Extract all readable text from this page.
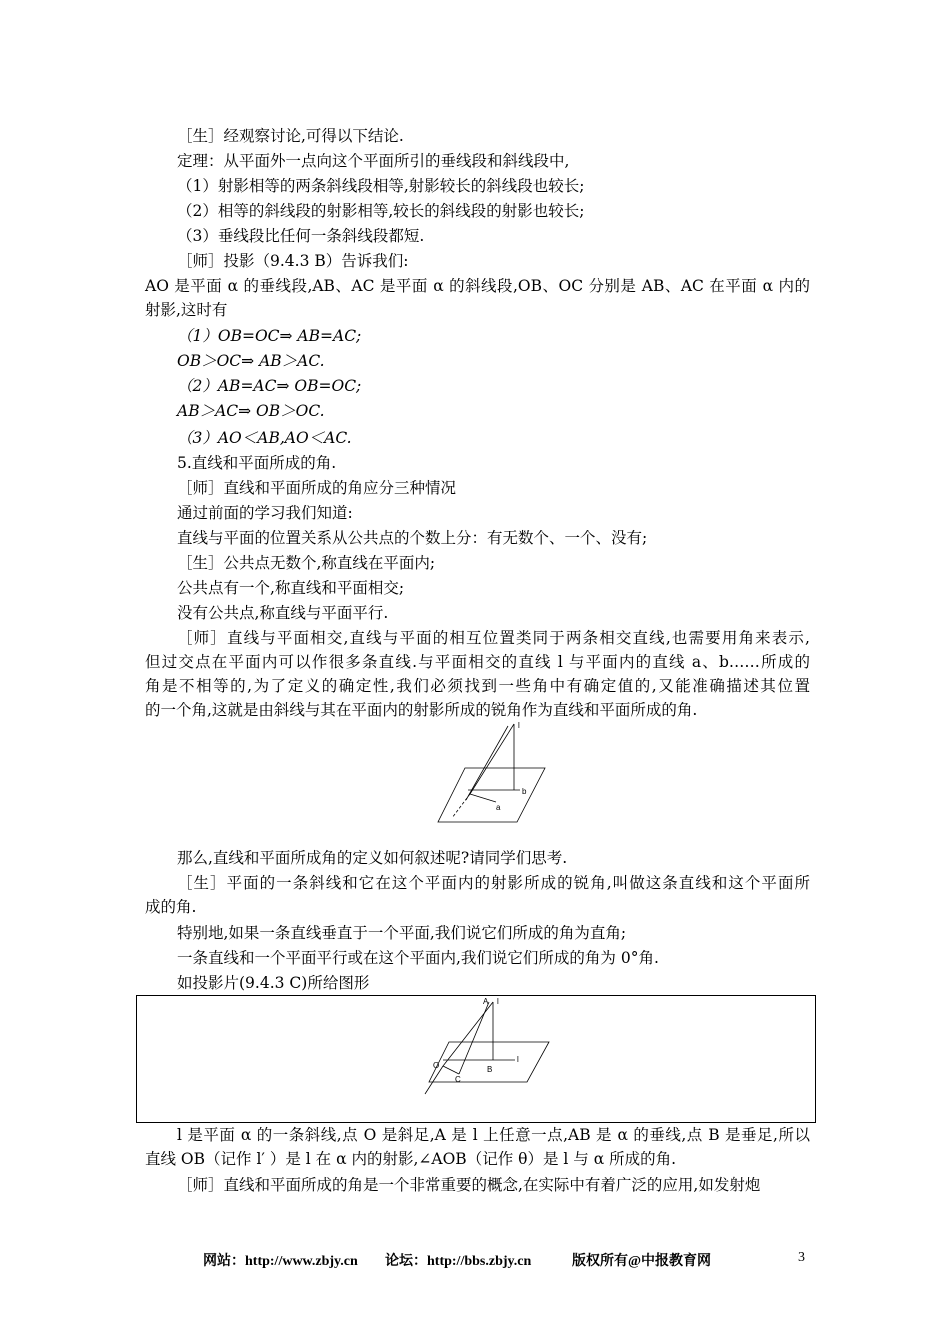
［生］经观察讨论,可得以下结论.
定理：从平面外一点向这个平面所引的垂线段和斜线段中,
（1）射影相等的两条斜线段相等,射影较长的斜线段也较长;
（2）相等的斜线段的射影相等,较长的斜线段的射影也较长;
（3）垂线段比任何一条斜线段都短.
［师］投影（9.4.3 B）告诉我们:
AO 是平面 α 的垂线段,AB、AC 是平面 α 的斜线段,OB、OC 分别是 AB、AC 在平面 α 内的
射影,这时有
（1）OB=OC⇒ AB=AC;
OB＞OC⇒ AB＞AC.
（2）AB=AC⇒ OB=OC;
AB＞AC⇒ OB＞OC.
（3）AO＜AB,AO＜AC.
5.直线和平面所成的角.
［师］直线和平面所成的角应分三种情况
通过前面的学习我们知道:
直线与平面的位置关系从公共点的个数上分：有无数个、一个、没有;
［生］公共点无数个,称直线在平面内;
公共点有一个,称直线和平面相交;
没有公共点,称直线与平面平行.
［师］直线与平面相交,直线与平面的相互位置类同于两条相交直线,也需要用角来表示,
但过交点在平面内可以作很多条直线.与平面相交的直线 l 与平面内的直线 a、b……所成的
角是不相等的,为了定义的确定性,我们必须找到一些角中有确定值的,又能准确描述其位置
的一个角,这就是由斜线与其在平面内的射影所成的锐角作为直线和平面所成的角.
l
b
a
那么,直线和平面所成角的定义如何叙述呢?请同学们思考.
［生］平面的一条斜线和它在这个平面内的射影所成的锐角,叫做这条直线和这个平面所
成的角.
特别地,如果一条直线垂直于一个平面,我们说它们所成的角为直角;
一条直线和一个平面平行或在这个平面内,我们说它们所成的角为 0°角.
如投影片(9.4.3 C)所给图形
A l
O	B
C
l
l 是平面 α 的一条斜线,点 O 是斜足,A 是 l 上任意一点,AB 是 α 的垂线,点 B 是垂足,所以
直线 OB（记作 l′ ）是 l 在 α 内的射影,∠AOB（记作 θ）是 l 与 α 所成的角.
［师］直线和平面所成的角是一个非常重要的概念,在实际中有着广泛的应用,如发射炮
网站：http://www.zbjy.cn 论坛：http://bbs.zbjy.cn	版权所有@中报教育网	3
